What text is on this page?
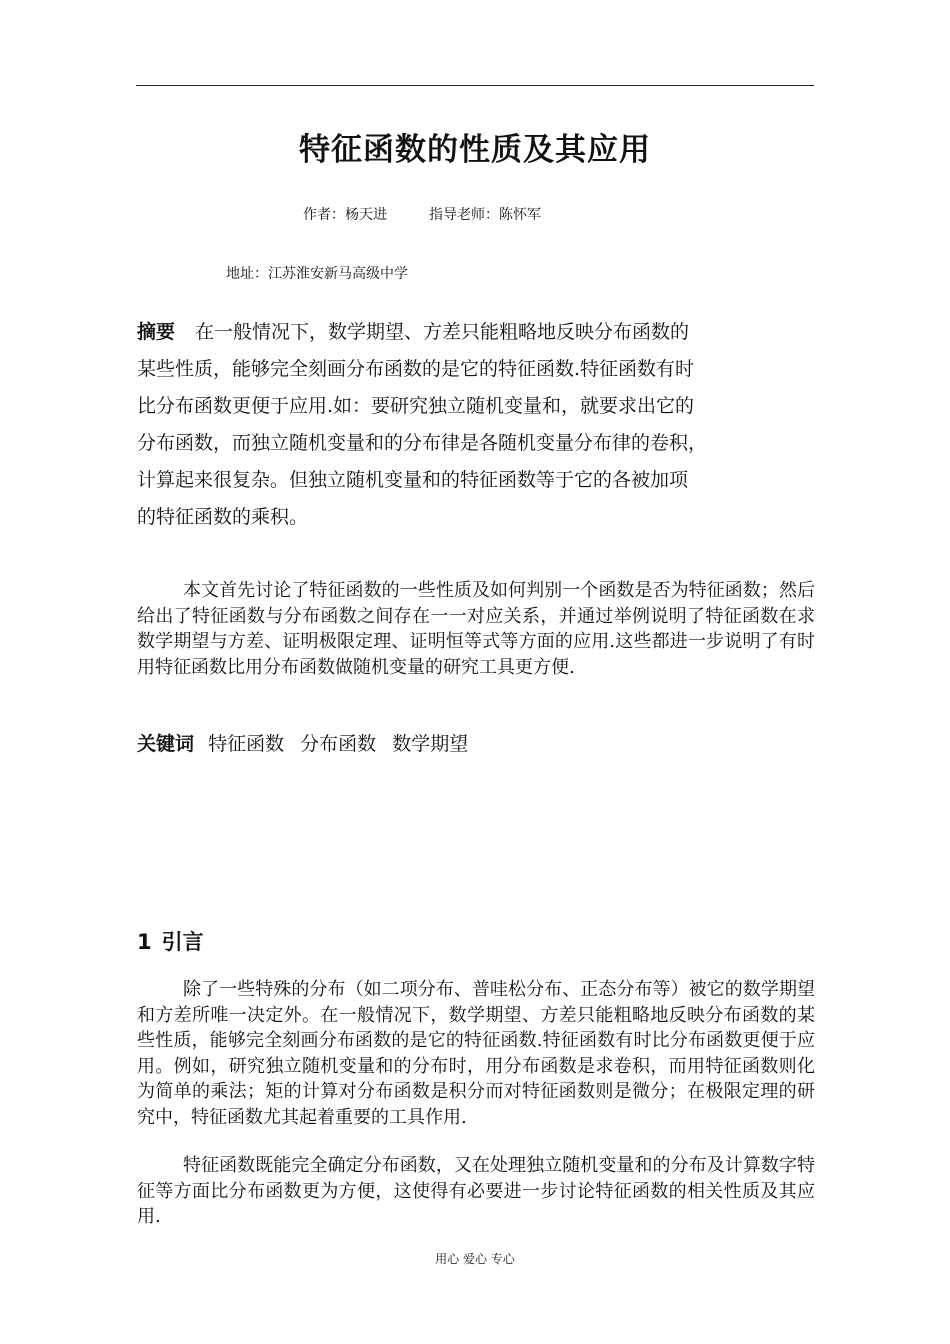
特征函数的性质及其应用
作者：杨天进	指导老师：陈怀军
地址：江苏淮安新马高级中学
摘要 在一般情况下，数学期望、方差只能粗略地反映分布函数的
某些性质，能够完全刻画分布函数的是它的特征函数.特征函数有时
比分布函数更便于应用.如：要研究独立随机变量和，就要求出它的
分布函数，而独立随机变量和的分布律是各随机变量分布律的卷积，
计算起来很复杂。但独立随机变量和的特征函数等于它的各被加项
的特征函数的乘积。
本文首先讨论了特征函数的一些性质及如何判别一个函数是否为特征函数；然后给出了特征函数与分布函数之间存在一一对应关系，并通过举例说明了特征函数在求数学期望与方差、证明极限定理、证明恒等式等方面的应用.这些都进一步说明了有时用特征函数比用分布函数做随机变量的研究工具更方便.
关键词 特征函数 分布函数 数学期望
1 引言
除了一些特殊的分布（如二项分布、普哇松分布、正态分布等）被它的数学期望和方差所唯一决定外。在一般情况下，数学期望、方差只能粗略地反映分布函数的某些性质，能够完全刻画分布函数的是它的特征函数.特征函数有时比分布函数更便于应用。例如，研究独立随机变量和的分布时，用分布函数是求卷积，而用特征函数则化为简单的乘法；矩的计算对分布函数是积分而对特征函数则是微分；在极限定理的研究中，特征函数尤其起着重要的工具作用.
特征函数既能完全确定分布函数，又在处理独立随机变量和的分布及计算数字特征等方面比分布函数更为方便，这使得有必要进一步讨论特征函数的相关性质及其应用.
用心 爱心 专心
